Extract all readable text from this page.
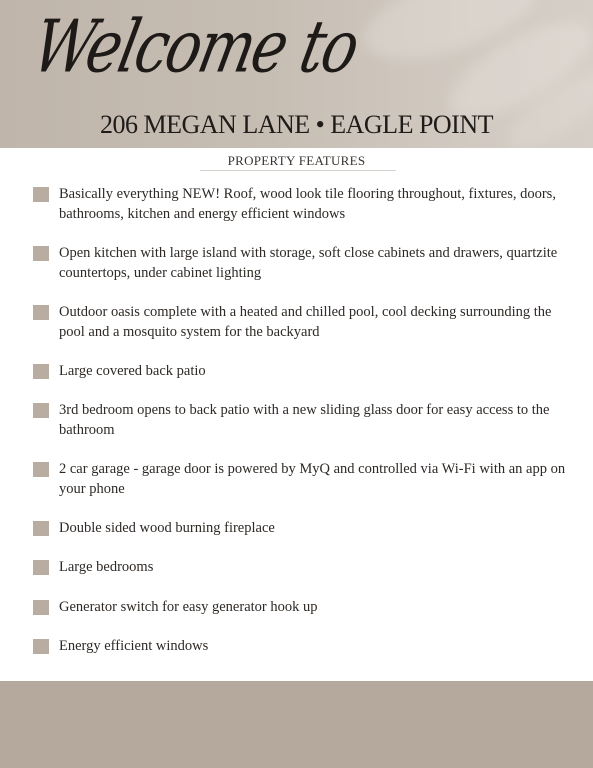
Welcome to
206 MEGAN LANE • EAGLE POINT
PROPERTY FEATURES
Basically everything NEW! Roof, wood look tile flooring throughout, fixtures, doors, bathrooms, kitchen and energy efficient windows
Open kitchen with large island with storage, soft close cabinets and drawers, quartzite countertops, under cabinet lighting
Outdoor oasis complete with a heated and chilled pool, cool decking surrounding the pool and a mosquito system for the backyard
Large covered back patio
3rd bedroom opens to back patio with a new sliding glass door for easy access to the bathroom
2 car garage - garage door is powered by MyQ and controlled via Wi-Fi with an app on your phone
Double sided wood burning fireplace
Large bedrooms
Generator switch for easy generator hook up
Energy efficient windows
